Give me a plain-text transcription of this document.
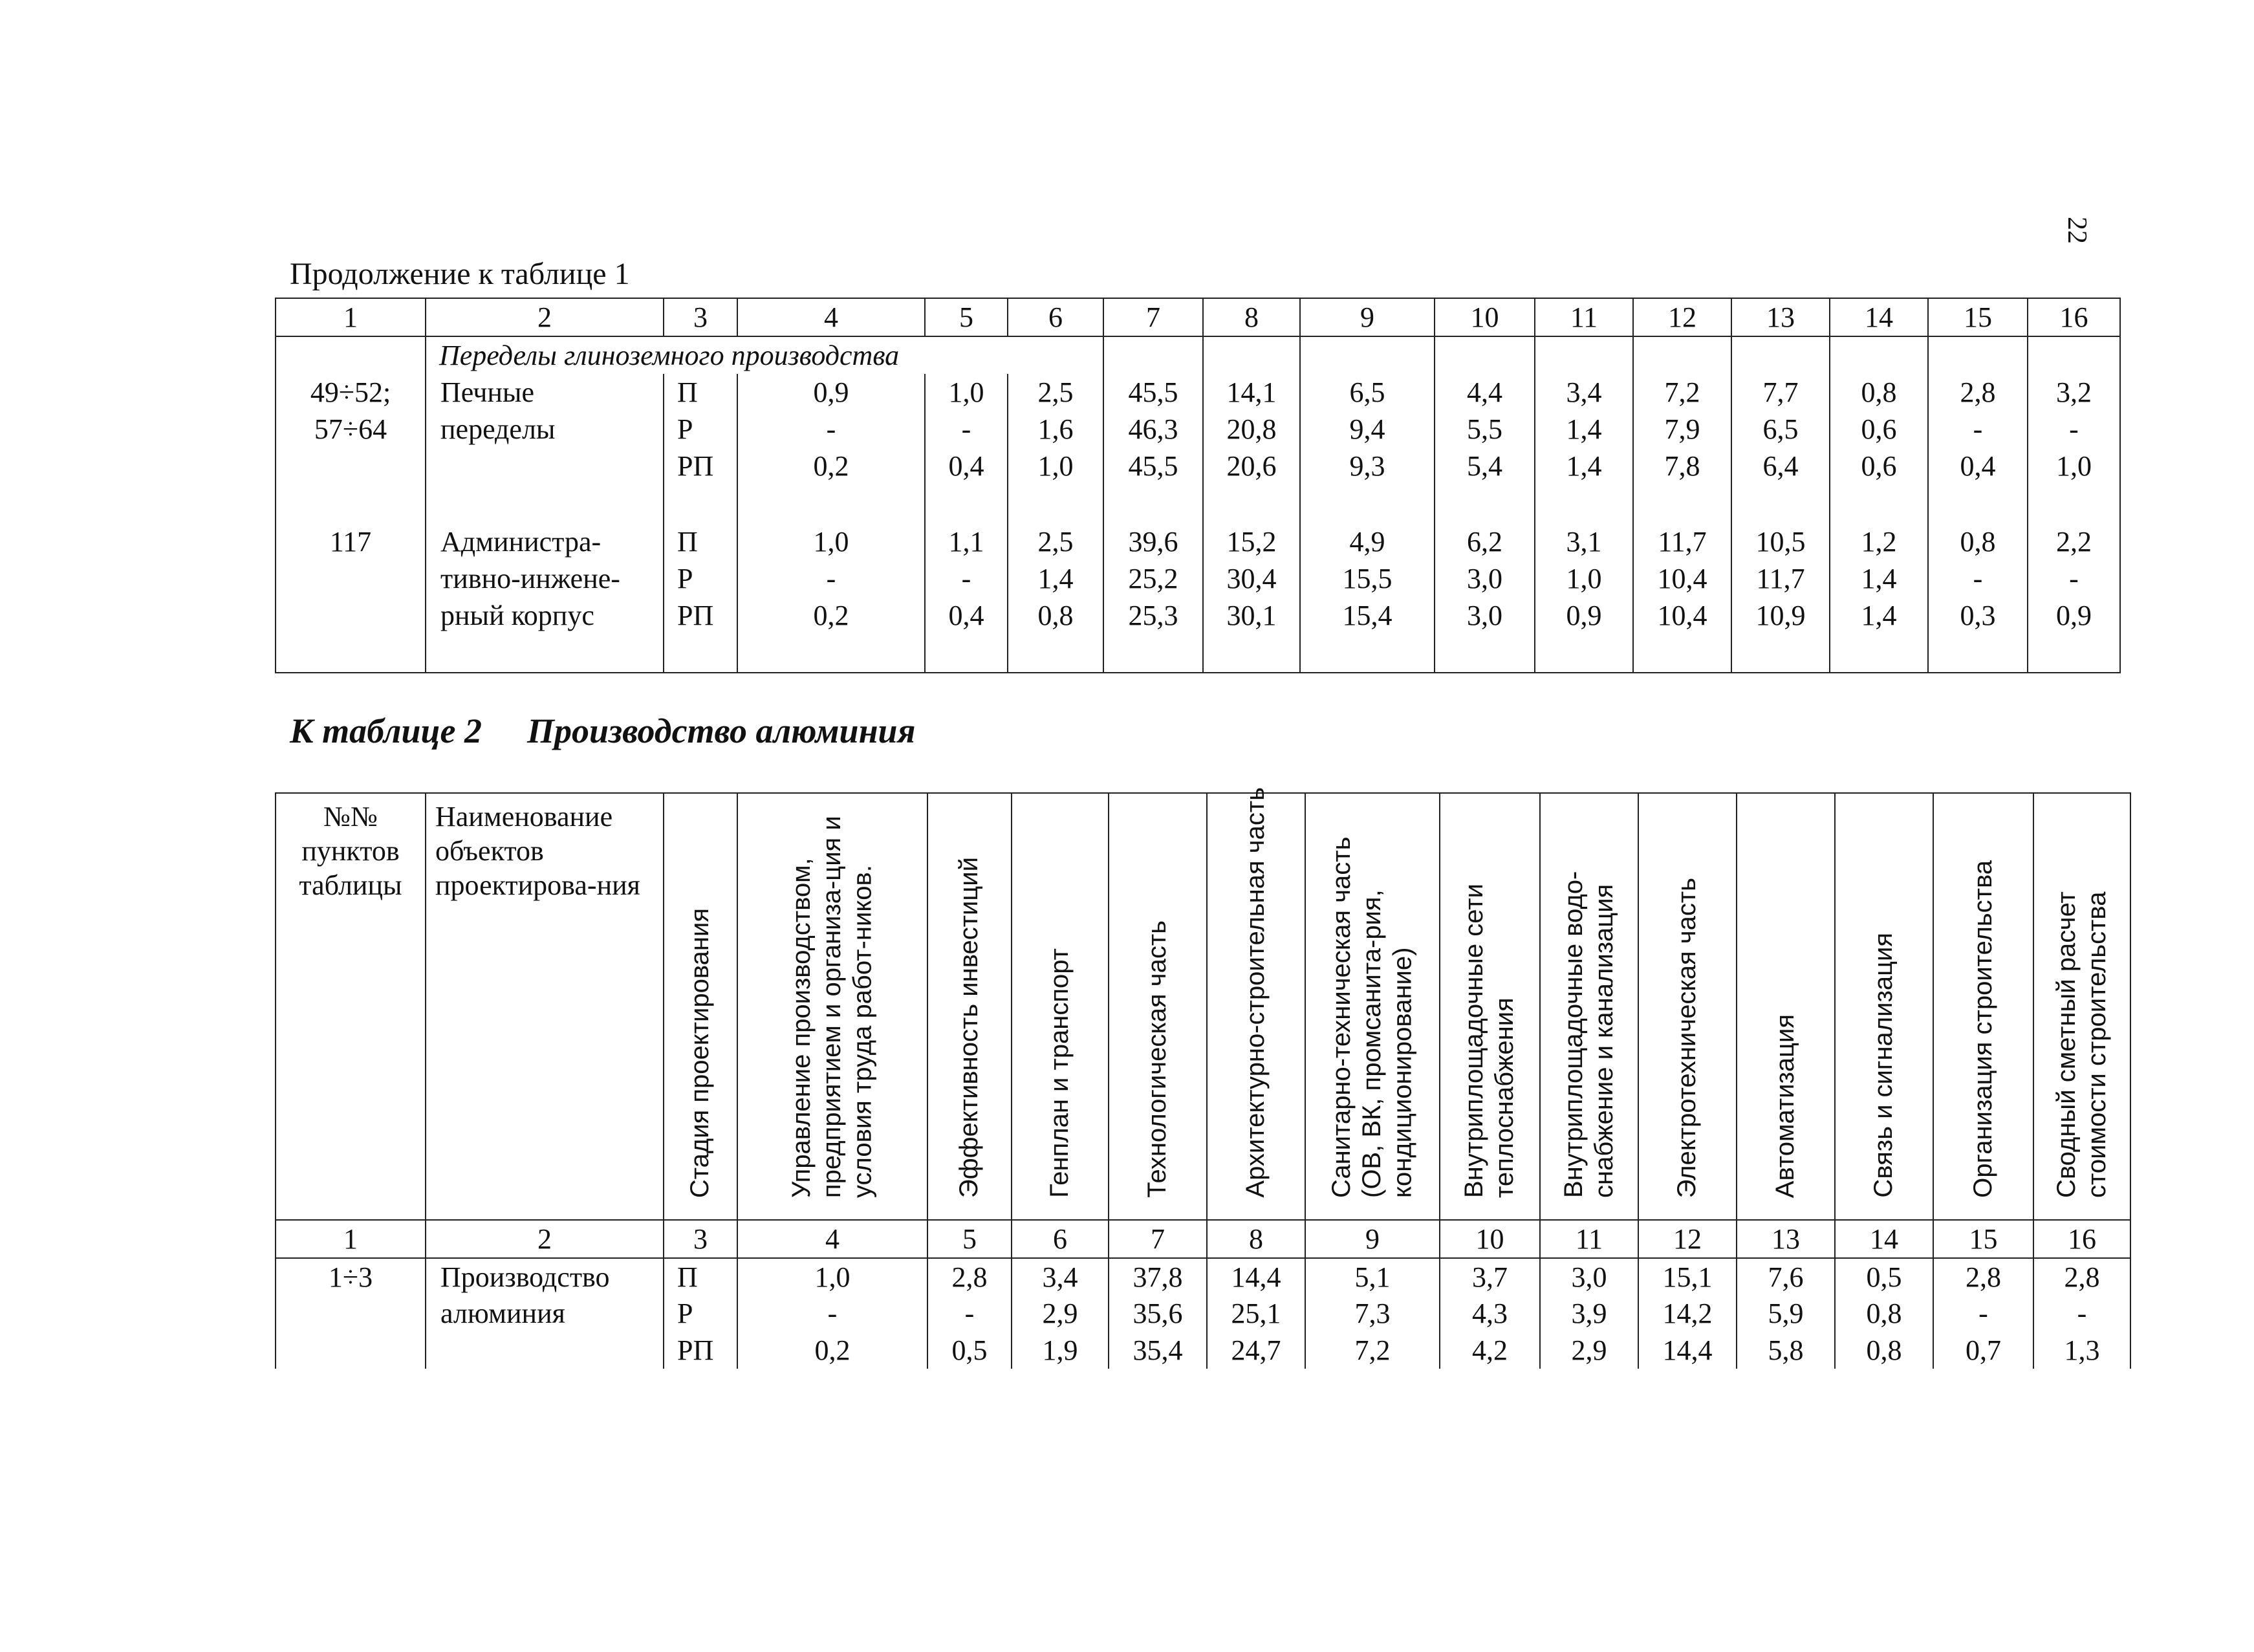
22
Продолжение к таблице 1
1	2	3	4	5	6	7	8	9	10	11	12	13	14	15	16
	Переделы глиноземного производства														
49÷52;	Печные	П	0,9	1,0	2,5	45,5	14,1	6,5	4,4	3,4	7,2	7,7	0,8	2,8	3,2
57÷64	переделы	Р	-	-	1,6	46,3	20,8	9,4	5,5	1,4	7,9	6,5	0,6	-	-
		РП	0,2	0,4	1,0	45,5	20,6	9,3	5,4	1,4	7,8	6,4	0,6	0,4	1,0

117	Администра-	П	1,0	1,1	2,5	39,6	15,2	4,9	6,2	3,1	11,7	10,5	1,2	0,8	2,2
	тивно-инжене-	Р	-	-	1,4	25,2	30,4	15,5	3,0	1,0	10,4	11,7	1,4	-	-
	рный корпус	РП	0,2	0,4	0,8	25,3	30,1	15,4	3,0	0,9	10,4	10,9	1,4	0,3	0,9

К таблице 2 Производство алюминия
№№ пунктов таблицы	Наименование объектов проектирова-ния	Стадия проектирования	Управление производством, предприятием и организа-ция и условия труда работ-ников.	Эффективность инвестиций	Генплан и транспорт	Технологическая часть	Архитектурно-строительная часть	Санитарно-техническая часть (ОВ, ВК, промсанита-рия, кондиционирование)	Внутриплощадочные сети теплоснабжения	Внутриплощадочные водо-снабжение и канализация	Электротехническая часть	Автоматизация	Связь и сигнализация	Организация строительства	Сводный сметный расчет стоимости строительства
1	2	3	4	5	6	7	8	9	10	11	12	13	14	15	16
1÷3	Производство	П	1,0	2,8	3,4	37,8	14,4	5,1	3,7	3,0	15,1	7,6	0,5	2,8	2,8
	алюминия	Р	-	-	2,9	35,6	25,1	7,3	4,3	3,9	14,2	5,9	0,8	-	-
		РП	0,2	0,5	1,9	35,4	24,7	7,2	4,2	2,9	14,4	5,8	0,8	0,7	1,3
